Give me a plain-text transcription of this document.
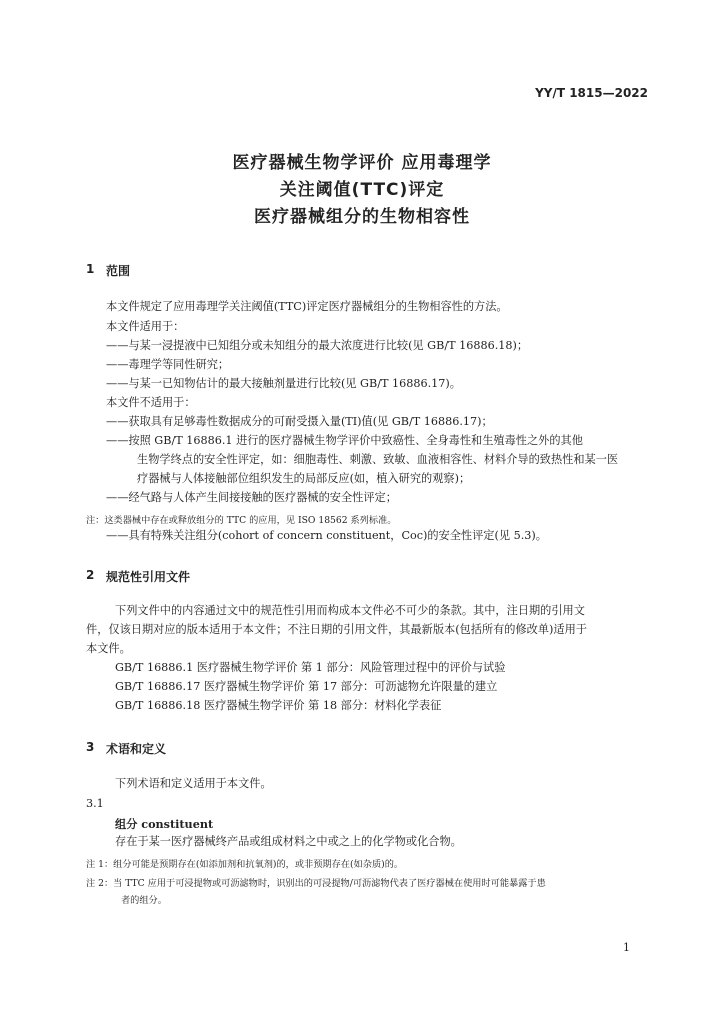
YY/T 1815—2022
医疗器械生物学评价 应用毒理学
关注阈值(TTC)评定
医疗器械组分的生物相容性
1 范围
本文件规定了应用毒理学关注阈值(TTC)评定医疗器械组分的生物相容性的方法。
本文件适用于：
——与某一浸提液中已知组分或未知组分的最大浓度进行比较(见 GB/T 16886.18)；
——毒理学等同性研究；
——与某一已知物估计的最大接触剂量进行比较(见 GB/T 16886.17)。
本文件不适用于：
——获取具有足够毒性数据成分的可耐受摄入量(TI)值(见 GB/T 16886.17)；
——按照 GB/T 16886.1 进行的医疗器械生物学评价中致癌性、全身毒性和生殖毒性之外的其他
生物学终点的安全性评定，如：细胞毒性、刺激、致敏、血液相容性、材料介导的致热性和某一医
疗器械与人体接触部位组织发生的局部反应(如，植入研究的观察)；
——经气路与人体产生间接接触的医疗器械的安全性评定；
注：这类器械中存在或释放组分的 TTC 的应用，见 ISO 18562 系列标准。
——具有特殊关注组分(cohort of concern constituent，Coc)的安全性评定(见 5.3)。
2 规范性引用文件
下列文件中的内容通过文中的规范性引用而构成本文件必不可少的条款。其中，注日期的引用文
件，仅该日期对应的版本适用于本文件；不注日期的引用文件，其最新版本(包括所有的修改单)适用于
本文件。
GB/T 16886.1 医疗器械生物学评价 第 1 部分：风险管理过程中的评价与试验
GB/T 16886.17 医疗器械生物学评价 第 17 部分：可沥滤物允许限量的建立
GB/T 16886.18 医疗器械生物学评价 第 18 部分：材料化学表征
3 术语和定义
下列术语和定义适用于本文件。
3.1
组分 constituent
存在于某一医疗器械终产品或组成材料之中或之上的化学物或化合物。
注 1：组分可能是预期存在(如添加剂和抗氧剂)的，或非预期存在(如杂质)的。
注 2：当 TTC 应用于可浸提物或可沥滤物时，识别出的可浸提物/可沥滤物代表了医疗器械在使用时可能暴露于患
者的组分。
1
